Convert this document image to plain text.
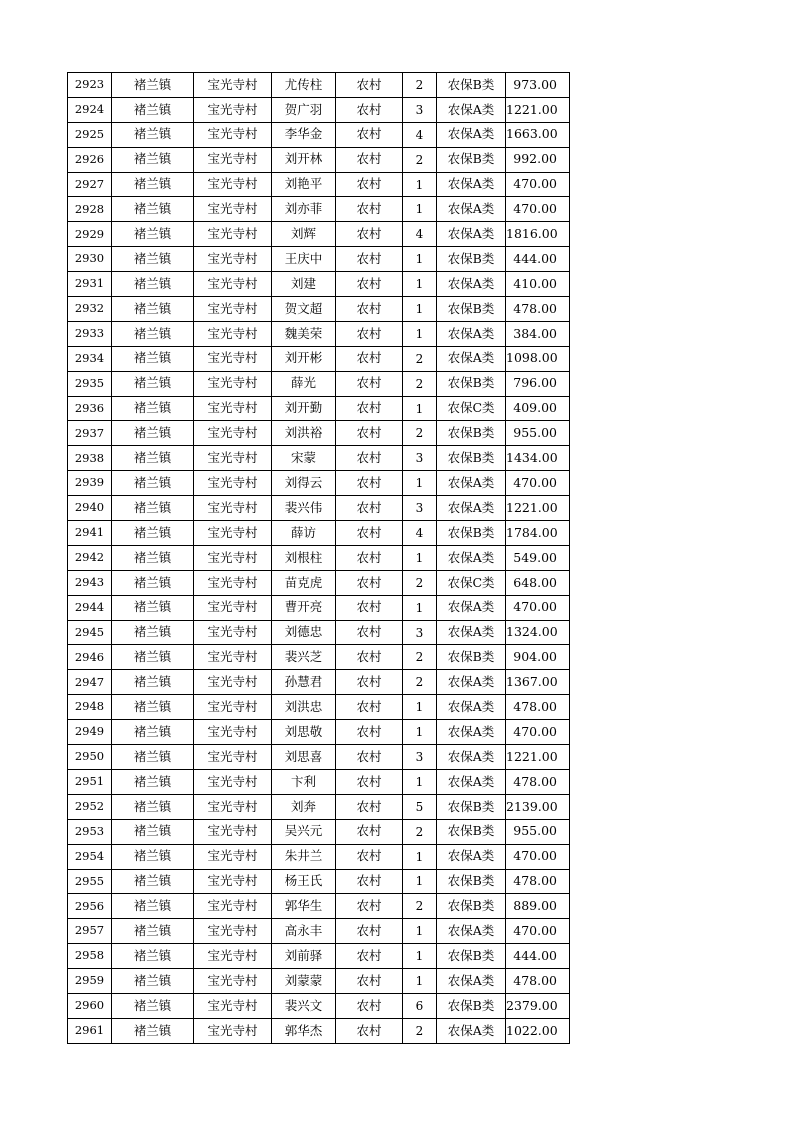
2923	褚兰镇	宝光寺村	尤传柱	农村	2	农保B类	973.00
2924	褚兰镇	宝光寺村	贺广羽	农村	3	农保A类	1221.00
2925	褚兰镇	宝光寺村	李华金	农村	4	农保A类	1663.00
2926	褚兰镇	宝光寺村	刘开林	农村	2	农保B类	992.00
2927	褚兰镇	宝光寺村	刘艳平	农村	1	农保A类	470.00
2928	褚兰镇	宝光寺村	刘亦菲	农村	1	农保A类	470.00
2929	褚兰镇	宝光寺村	刘辉	农村	4	农保A类	1816.00
2930	褚兰镇	宝光寺村	王庆中	农村	1	农保B类	444.00
2931	褚兰镇	宝光寺村	刘建	农村	1	农保A类	410.00
2932	褚兰镇	宝光寺村	贺文超	农村	1	农保B类	478.00
2933	褚兰镇	宝光寺村	魏美荣	农村	1	农保A类	384.00
2934	褚兰镇	宝光寺村	刘开彬	农村	2	农保A类	1098.00
2935	褚兰镇	宝光寺村	薛光	农村	2	农保B类	796.00
2936	褚兰镇	宝光寺村	刘开勤	农村	1	农保C类	409.00
2937	褚兰镇	宝光寺村	刘洪裕	农村	2	农保B类	955.00
2938	褚兰镇	宝光寺村	宋蒙	农村	3	农保B类	1434.00
2939	褚兰镇	宝光寺村	刘得云	农村	1	农保A类	470.00
2940	褚兰镇	宝光寺村	裴兴伟	农村	3	农保A类	1221.00
2941	褚兰镇	宝光寺村	薛访	农村	4	农保B类	1784.00
2942	褚兰镇	宝光寺村	刘根柱	农村	1	农保A类	549.00
2943	褚兰镇	宝光寺村	苗克虎	农村	2	农保C类	648.00
2944	褚兰镇	宝光寺村	曹开亮	农村	1	农保A类	470.00
2945	褚兰镇	宝光寺村	刘德忠	农村	3	农保A类	1324.00
2946	褚兰镇	宝光寺村	裴兴芝	农村	2	农保B类	904.00
2947	褚兰镇	宝光寺村	孙慧君	农村	2	农保A类	1367.00
2948	褚兰镇	宝光寺村	刘洪忠	农村	1	农保A类	478.00
2949	褚兰镇	宝光寺村	刘思敬	农村	1	农保A类	470.00
2950	褚兰镇	宝光寺村	刘思喜	农村	3	农保A类	1221.00
2951	褚兰镇	宝光寺村	卞利	农村	1	农保A类	478.00
2952	褚兰镇	宝光寺村	刘奔	农村	5	农保B类	2139.00
2953	褚兰镇	宝光寺村	吴兴元	农村	2	农保B类	955.00
2954	褚兰镇	宝光寺村	朱井兰	农村	1	农保A类	470.00
2955	褚兰镇	宝光寺村	杨王氏	农村	1	农保B类	478.00
2956	褚兰镇	宝光寺村	郭华生	农村	2	农保B类	889.00
2957	褚兰镇	宝光寺村	高永丰	农村	1	农保A类	470.00
2958	褚兰镇	宝光寺村	刘前驿	农村	1	农保B类	444.00
2959	褚兰镇	宝光寺村	刘蒙蒙	农村	1	农保A类	478.00
2960	褚兰镇	宝光寺村	裴兴文	农村	6	农保B类	2379.00
2961	褚兰镇	宝光寺村	郭华杰	农村	2	农保A类	1022.00
